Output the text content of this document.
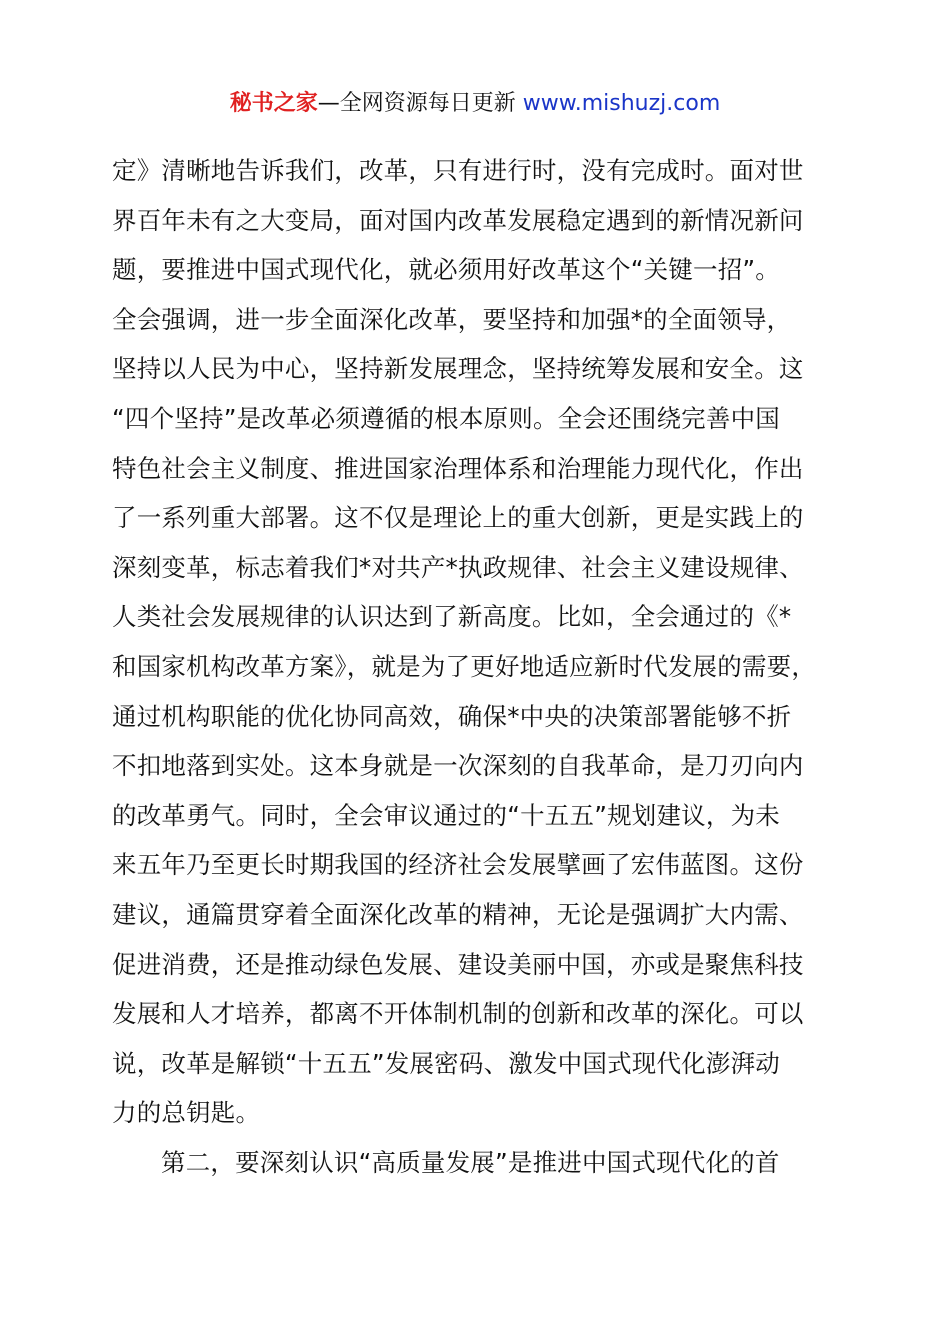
秘书之家—全网资源每日更新 www.mishuzj.com
定》清晰地告诉我们，改革，只有进行时，没有完成时。面对世
界百年未有之大变局，面对国内改革发展稳定遇到的新情况新问
题，要推进中国式现代化，就必须用好改革这个“关键一招”。
全会强调，进一步全面深化改革，要坚持和加强*的全面领导，
坚持以人民为中心，坚持新发展理念，坚持统筹发展和安全。这
“四个坚持”是改革必须遵循的根本原则。全会还围绕完善中国
特色社会主义制度、推进国家治理体系和治理能力现代化，作出
了一系列重大部署。这不仅是理论上的重大创新，更是实践上的
深刻变革，标志着我们*对共产*执政规律、社会主义建设规律、
人类社会发展规律的认识达到了新高度。比如，全会通过的《*
和国家机构改革方案》，就是为了更好地适应新时代发展的需要，
通过机构职能的优化协同高效，确保*中央的决策部署能够不折
不扣地落到实处。这本身就是一次深刻的自我革命，是刀刃向内
的改革勇气。同时，全会审议通过的“十五五”规划建议，为未
来五年乃至更长时期我国的经济社会发展擘画了宏伟蓝图。这份
建议，通篇贯穿着全面深化改革的精神，无论是强调扩大内需、
促进消费，还是推动绿色发展、建设美丽中国，亦或是聚焦科技
发展和人才培养，都离不开体制机制的创新和改革的深化。可以
说，改革是解锁“十五五”发展密码、激发中国式现代化澎湃动
力的总钥匙。
第二，要深刻认识“高质量发展”是推进中国式现代化的首
